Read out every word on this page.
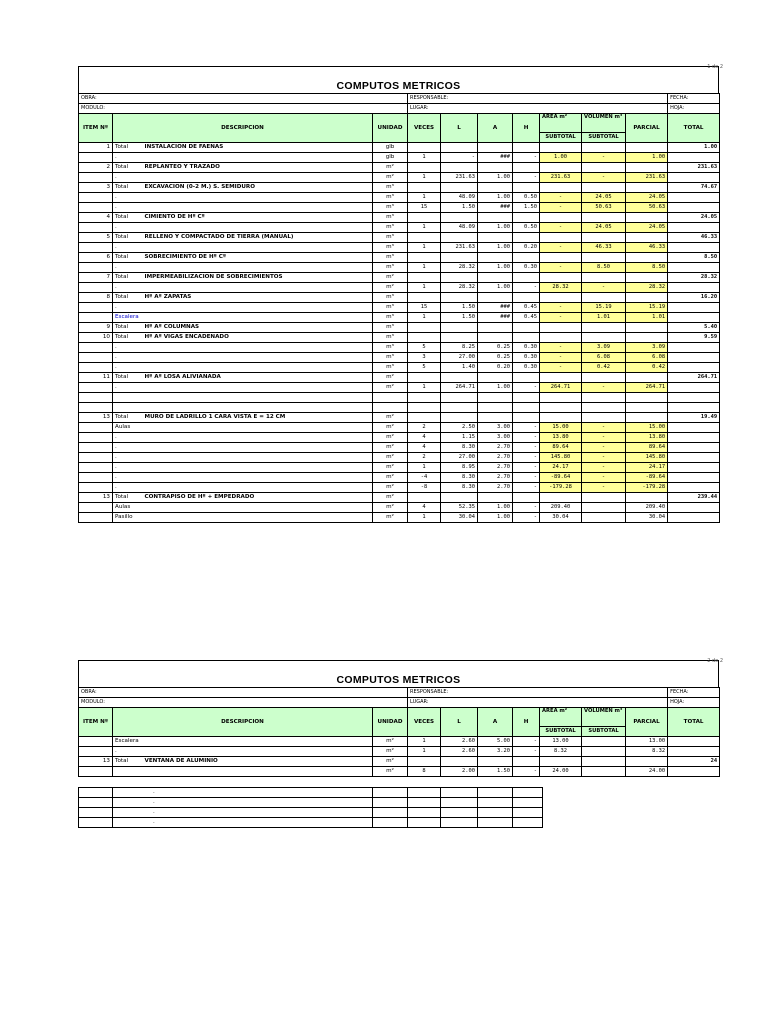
1 de 2
COMPUTOS METRICOS
OBRA:				RESPONSABLE:							FECHA:
MODULO:				LUGAR:							HOJA:
ITEM Nº	DESCRIPCION		UNIDAD	VECES	L	A	H	AREA m²	VOLUMEN m³	PARCIAL	TOTAL
								SUBTOTAL	SUBTOTAL		
1	Total	INSTALACION DE FAENAS	glb								1.00
	.		glb	1	-	###	-	1.00	-	1.00	
2	Total	REPLANTEO Y TRAZADO	m²								231.63
	.		m²	1	231.63	1.00	-	231.63	-	231.63	
3	Total	EXCAVACION (0-2 M.) S. SEMIDURO	m³								74.67
	.		m³	1	48.09	1.00	0.50	-	24.05	24.05	
	.		m³	15	1.50	###	1.50	-	50.63	50.63	
4	Total	CIMIENTO DE Hº Cº	m³								24.05
	.		m³	1	48.09	1.00	0.50	-	24.05	24.05	
5	Total	RELLENO Y COMPACTADO DE TIERRA (MANUAL)	m³								46.33
	.		m³	1	231.63	1.00	0.20	-	46.33	46.33	
6	Total	SOBRECIMIENTO DE Hº Cº	m³								8.50
	.		m³	1	28.32	1.00	0.30	-	8.50	8.50	
7	Total	IMPERMEABILIZACION DE SOBRECIMIENTOS	m²								28.32
	.		m²	1	28.32	1.00	-	28.32	-	28.32	
8	Total	Hº Aº ZAPATAS	m³								16.20
	.		m³	15	1.50	###	0.45	-	15.19	15.19	
	Escalera		m³	1	1.50	###	0.45	-	1.01	1.01	
9	Total	Hº Aº COLUMNAS	m³								5.40
10	Total	Hº Aº VIGAS ENCADENADO	m³								9.59
	.		m³	5	8.25	0.25	0.30	-	3.09	3.09	
	.		m³	3	27.00	0.25	0.30	-	6.08	6.08	
	.		m³	5	1.40	0.20	0.30	-	0.42	0.42	
11	Total	Hº Aº LOSA ALIVIANADA	m²								264.71
	.		m²	1	264.71	1.00	-	264.71	-	264.71	

13	Total	MURO DE LADRILLO 1 CARA VISTA E = 12 CM	m²								19.49
	Aulas		m²	2	2.50	3.00	-	15.00	-	15.00	
	.		m²	4	1.15	3.00	-	13.80	-	13.80	
	.		m²	4	8.30	2.70	-	89.64	-	89.64	
	.		m²	2	27.00	2.70	-	145.80	-	145.80	
	.		m²	1	8.95	2.70	-	24.17	-	24.17	
	.		m²	-4	8.30	2.70	-	-89.64	-	-89.64	
	.		m²	-8	8.30	2.70	-	-179.28	-	-179.28	
13	Total	CONTRAPISO DE Hº + EMPEDRADO	m²								239.44
	Aulas		m²	4	52.35	1.00	-	209.40		209.40	
	Pasillo		m²	1	30.04	1.00	-	30.04		30.04	
2 de 2
COMPUTOS METRICOS
OBRA:				RESPONSABLE:							FECHA:
MODULO:				LUGAR:							HOJA:
ITEM Nº	DESCRIPCION		UNIDAD	VECES	L	A	H	AREA m²	VOLUMEN m³	PARCIAL	TOTAL
								SUBTOTAL	SUBTOTAL		
	Escalera		m²	1	2.60	5.00	-	13.00		13.00	
	.		m²	1	2.60	3.20	-	8.32		8.32	
13	Total	VENTANA DE ALUMINIO	m²								24
			m²	8	2.00	1.50	-	24.00		24.00	
	.					
	.					
	.					
	.					
